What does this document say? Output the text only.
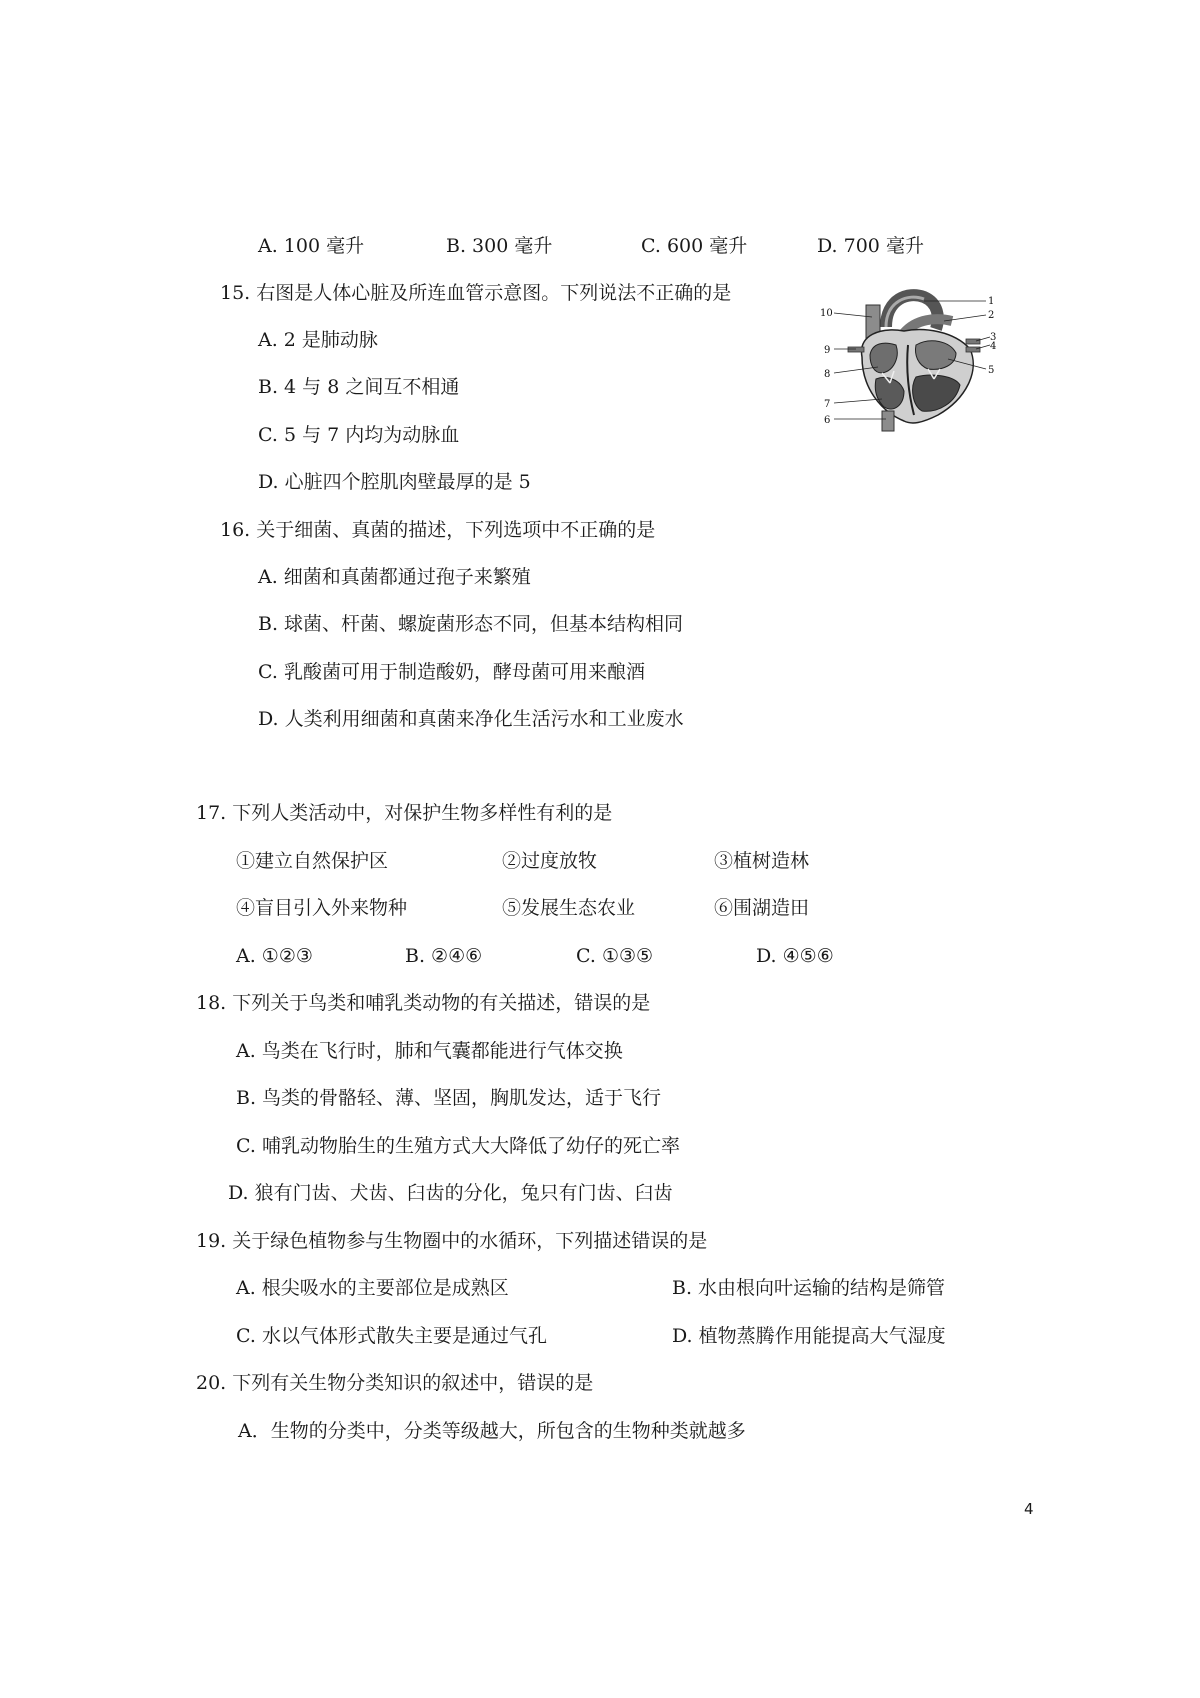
A. 100 毫升	B. 300 毫升	C. 600 毫升	D. 700 毫升
15. 右图是人体心脏及所连血管示意图。下列说法不正确的是
A. 2 是肺动脉
B. 4 与 8 之间互不相通
C. 5 与 7 内均为动脉血
D. 心脏四个腔肌肉壁最厚的是 5
1
2
3
4
5
6
7
8
9
10
16. 关于细菌、真菌的描述，下列选项中不正确的是
A. 细菌和真菌都通过孢子来繁殖
B. 球菌、杆菌、螺旋菌形态不同，但基本结构相同
C. 乳酸菌可用于制造酸奶，酵母菌可用来酿酒
D. 人类利用细菌和真菌来净化生活污水和工业废水
17. 下列人类活动中，对保护生物多样性有利的是
①建立自然保护区	②过度放牧	③植树造林
④盲目引入外来物种	⑤发展生态农业	⑥围湖造田
A. ①②③	B. ②④⑥	C. ①③⑤	D. ④⑤⑥
18. 下列关于鸟类和哺乳类动物的有关描述，错误的是
A. 鸟类在飞行时，肺和气囊都能进行气体交换
B. 鸟类的骨骼轻、薄、坚固，胸肌发达，适于飞行
C. 哺乳动物胎生的生殖方式大大降低了幼仔的死亡率
D. 狼有门齿、犬齿、臼齿的分化，兔只有门齿、臼齿
19. 关于绿色植物参与生物圈中的水循环，下列描述错误的是
A. 根尖吸水的主要部位是成熟区	B. 水由根向叶运输的结构是筛管
C. 水以气体形式散失主要是通过气孔	D. 植物蒸腾作用能提高大气湿度
20. 下列有关生物分类知识的叙述中，错误的是
A．生物的分类中，分类等级越大，所包含的生物种类就越多
4
